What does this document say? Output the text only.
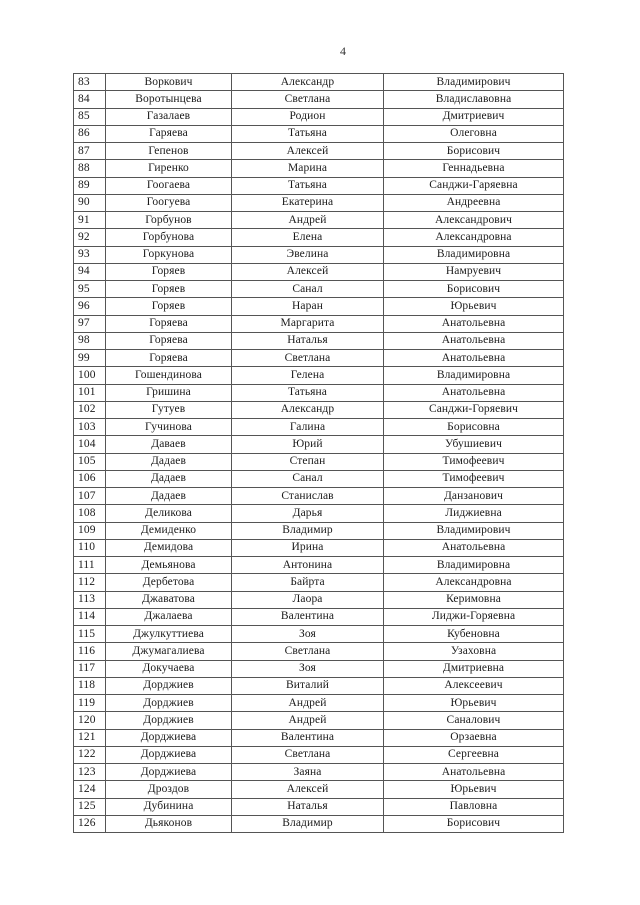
4
83	Воркович	Александр	Владимирович
84	Воротынцева	Светлана	Владиславовна
85	Газалаев	Родион	Дмитриевич
86	Гаряева	Татьяна	Олеговна
87	Гепенов	Алексей	Борисович
88	Гиренко	Марина	Геннадьевна
89	Гоогаева	Татьяна	Санджи-Гаряевна
90	Гоогуева	Екатерина	Андреевна
91	Горбунов	Андрей	Александрович
92	Горбунова	Елена	Александровна
93	Горкунова	Эвелина	Владимировна
94	Горяев	Алексей	Намруевич
95	Горяев	Санал	Борисович
96	Горяев	Наран	Юрьевич
97	Горяева	Маргарита	Анатольевна
98	Горяева	Наталья	Анатольевна
99	Горяева	Светлана	Анатольевна
100	Гошендинова	Гелена	Владимировна
101	Гришина	Татьяна	Анатольевна
102	Гутуев	Александр	Санджи-Горяевич
103	Гучинова	Галина	Борисовна
104	Даваев	Юрий	Убушиевич
105	Дадаев	Степан	Тимофеевич
106	Дадаев	Санал	Тимофеевич
107	Дадаев	Станислав	Данзанович
108	Деликова	Дарья	Лиджиевна
109	Демиденко	Владимир	Владимирович
110	Демидова	Ирина	Анатольевна
111	Демьянова	Антонина	Владимировна
112	Дербетова	Байрта	Александровна
113	Джаватова	Лаора	Керимовна
114	Джалаева	Валентина	Лиджи-Горяевна
115	Джулкуттиева	Зоя	Кубеновна
116	Джумагалиева	Светлана	Узаховна
117	Докучаева	Зоя	Дмитриевна
118	Дорджиев	Виталий	Алексеевич
119	Дорджиев	Андрей	Юрьевич
120	Дорджиев	Андрей	Саналович
121	Дорджиева	Валентина	Орзаевна
122	Дорджиева	Светлана	Сергеевна
123	Дорджиева	Заяна	Анатольевна
124	Дроздов	Алексей	Юрьевич
125	Дубинина	Наталья	Павловна
126	Дьяконов	Владимир	Борисович
